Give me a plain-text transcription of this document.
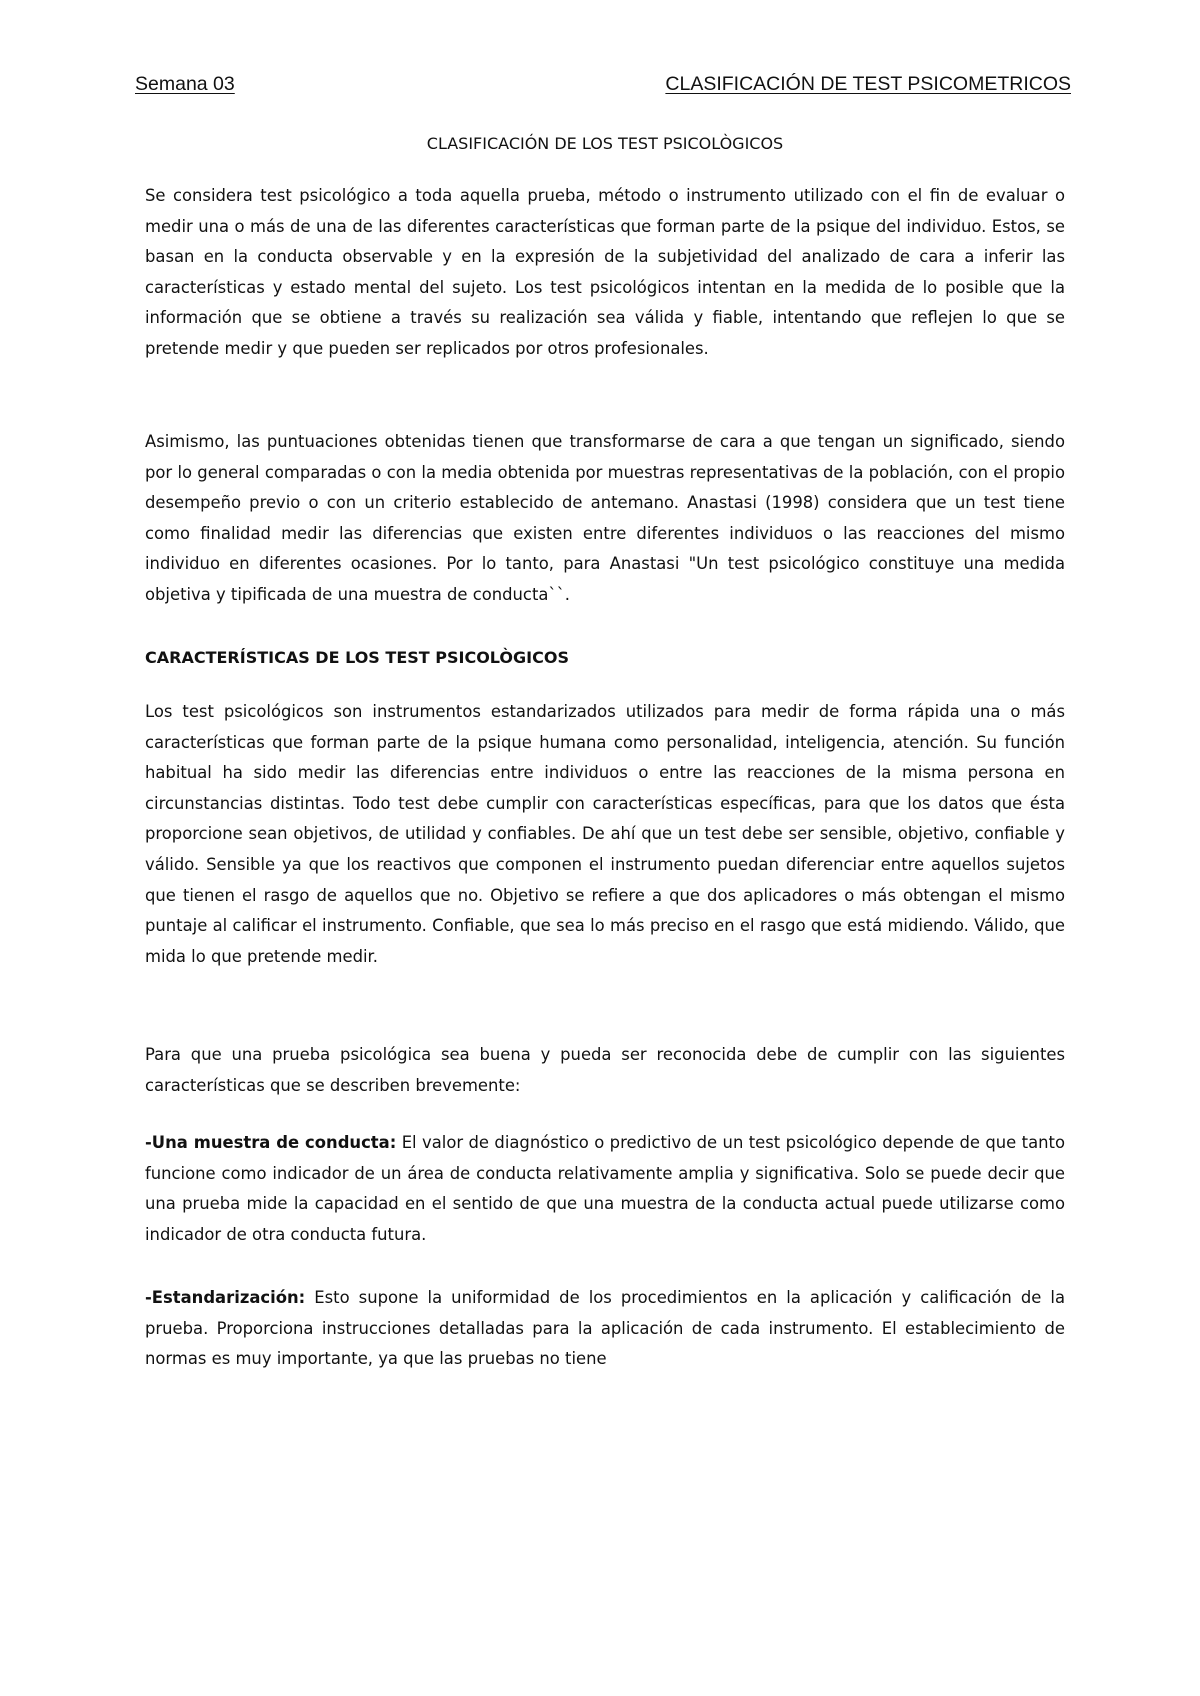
Semana 03	CLASIFICACIÓN DE TEST PSICOMETRICOS
CLASIFICACIÓN DE LOS TEST PSICOLÒGICOS

Se considera test psicológico a toda aquella prueba, método o instrumento utilizado con el fin de evaluar o medir una o más de una de las diferentes características que forman parte de la psique del individuo. Estos, se basan en la conducta observable y en la expresión de la subjetividad del analizado de cara a inferir las características y estado mental del sujeto. Los test psicológicos intentan en la medida de lo posible que la información que se obtiene a través su realización sea válida y fiable, intentando que reflejen lo que se pretende medir y que pueden ser replicados por otros profesionales.

Asimismo, las puntuaciones obtenidas tienen que transformarse de cara a que tengan un significado, siendo por lo general comparadas o con la media obtenida por muestras representativas de la población, con el propio desempeño previo o con un criterio establecido de antemano. Anastasi (1998) considera que un test tiene como finalidad medir las diferencias que existen entre diferentes individuos o las reacciones del mismo individuo en diferentes ocasiones. Por lo tanto, para Anastasi "Un test psicológico constituye una medida objetiva y tipificada de una muestra de conducta``.

CARACTERÍSTICAS DE LOS TEST PSICOLÒGICOS

Los test psicológicos son instrumentos estandarizados utilizados para medir de forma rápida una o más características que forman parte de la psique humana como personalidad, inteligencia, atención. Su función habitual ha sido medir las diferencias entre individuos o entre las reacciones de la misma persona en circunstancias distintas. Todo test debe cumplir con características específicas, para que los datos que ésta proporcione sean objetivos, de utilidad y confiables. De ahí que un test debe ser sensible, objetivo, confiable y válido. Sensible ya que los reactivos que componen el instrumento puedan diferenciar entre aquellos sujetos que tienen el rasgo de aquellos que no. Objetivo se refiere a que dos aplicadores o más obtengan el mismo puntaje al calificar el instrumento. Confiable, que sea lo más preciso en el rasgo que está midiendo. Válido, que mida lo que pretende medir.

Para que una prueba psicológica sea buena y pueda ser reconocida debe de cumplir con las siguientes características que se describen brevemente:

-Una muestra de conducta: El valor de diagnóstico o predictivo de un test psicológico depende de que tanto funcione como indicador de un área de conducta relativamente amplia y significativa. Solo se puede decir que una prueba mide la capacidad en el sentido de que una muestra de la conducta actual puede utilizarse como indicador de otra conducta futura.

-Estandarización: Esto supone la uniformidad de los procedimientos en la aplicación y calificación de la prueba. Proporciona instrucciones detalladas para la aplicación de cada instrumento. El establecimiento de normas es muy importante, ya que las pruebas no tiene
